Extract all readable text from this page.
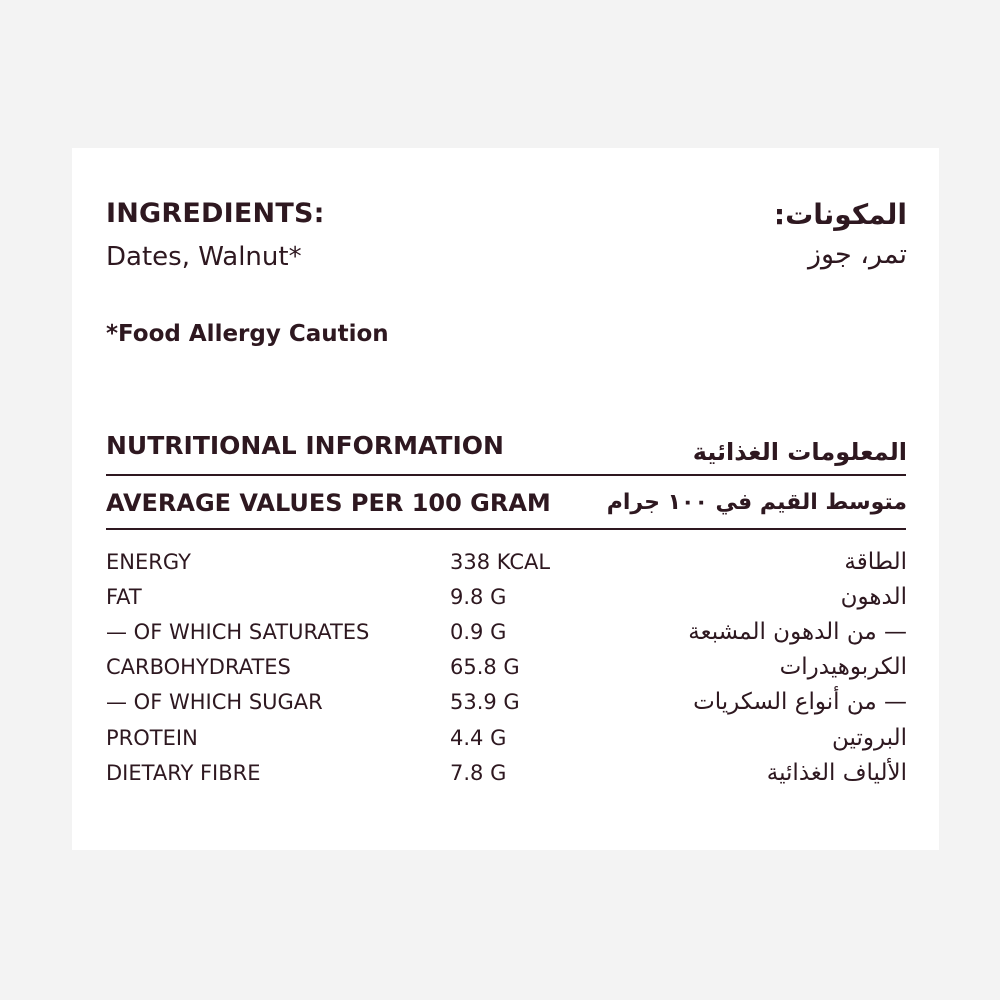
INGREDIENTS:
Dates, Walnut*
المكونات:
تمر، جوز
*Food Allergy Caution
NUTRITIONAL INFORMATION	المعلومات الغذائية
AVERAGE VALUES PER 100 GRAM	متوسط القيم في ١٠٠ جرام
ENERGY	338 KCAL	الطاقة
FAT	9.8 G	الدهون
— OF WHICH SATURATES	0.9 G	— من الدهون المشبعة
CARBOHYDRATES	65.8 G	الكربوهيدرات
— OF WHICH SUGAR	53.9 G	— من أنواع السكريات
PROTEIN	4.4 G	البروتين
DIETARY FIBRE	7.8 G	الألياف الغذائية
